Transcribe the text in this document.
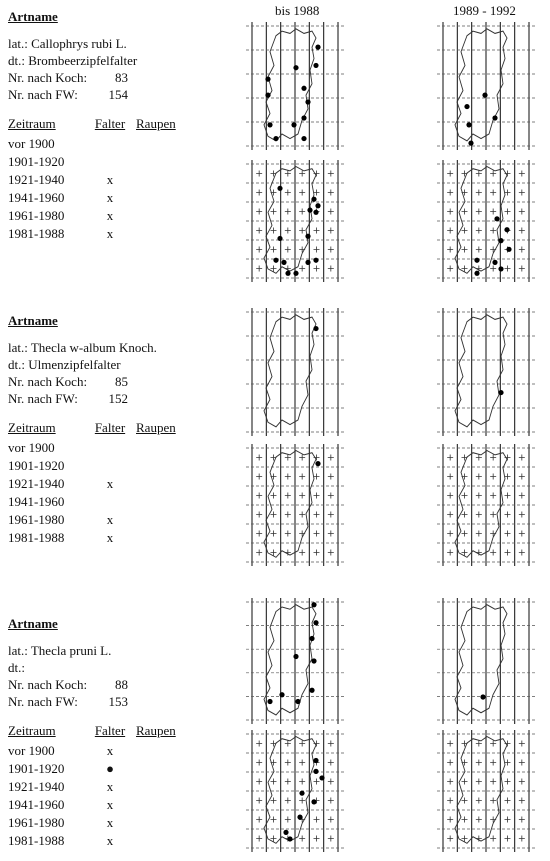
bis 1988	1989 - 1992
Artname
lat.: Callophrys rubi L.
dt.: Brombeerzipfelfalter
Nr. nach Koch:	83
Nr. nach FW:	154
Zeitraum	Falter Raupen
vor 1900
1901-1920
1921-1940	x
1941-1960	x
1961-1980	x
1981-1988	x
Artname
lat.: Thecla w-album Knoch.
dt.: Ulmenzipfelfalter
Nr. nach Koch:	85
Nr. nach FW:	152
Zeitraum	Falter Raupen
vor 1900
1901-1920
1921-1940	x
1941-1960
1961-1980	x
1981-1988	x
Artname
lat.: Thecla pruni L.
dt.:
Nr. nach Koch:	88
Nr. nach FW:	153
Zeitraum	Falter Raupen
vor 1900	x
1901-1920	●
1921-1940	x
1941-1960	x
1961-1980	x
1981-1988	x
